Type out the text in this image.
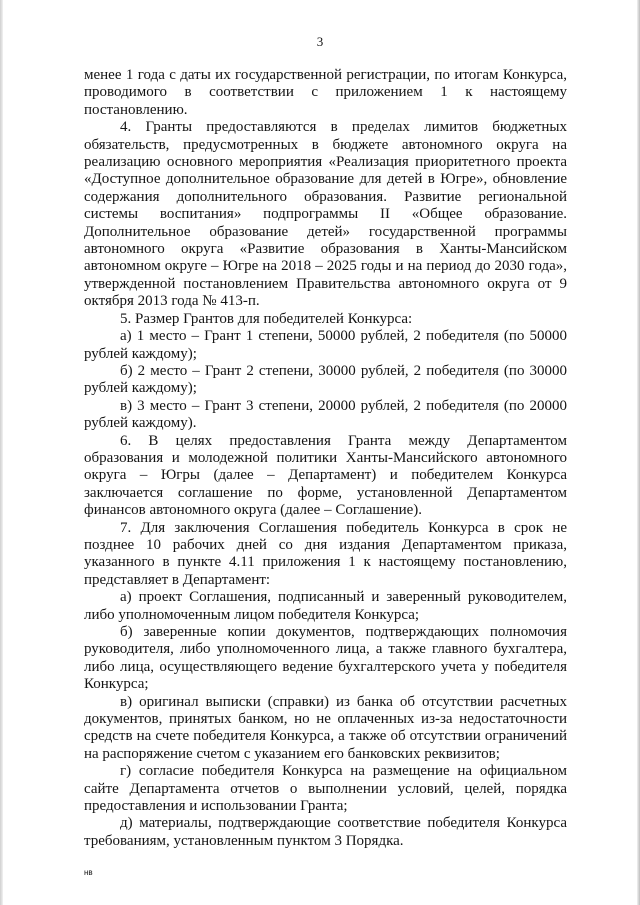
3

менее 1 года с даты их государственной регистрации, по итогам Конкурса, проводимого в соответствии с приложением 1 к настоящему постановлению.

4. Гранты предоставляются в пределах лимитов бюджетных обязательств, предусмотренных в бюджете автономного округа на реализацию основного мероприятия «Реализация приоритетного проекта «Доступное дополнительное образование для детей в Югре», обновление содержания дополнительного образования. Развитие региональной системы воспитания» подпрограммы II «Общее образование. Дополнительное образование детей» государственной программы автономного округа «Развитие образования в Ханты-Мансийском автономном округе – Югре на 2018 – 2025 годы и на период до 2030 года», утвержденной постановлением Правительства автономного округа от 9 октября 2013 года № 413-п.

5. Размер Грантов для победителей Конкурса:

а) 1 место – Грант 1 степени, 50000 рублей, 2 победителя (по 50000 рублей каждому);

б) 2 место – Грант 2 степени, 30000 рублей, 2 победителя (по 30000 рублей каждому);

в) 3 место – Грант 3 степени, 20000 рублей, 2 победителя (по 20000 рублей каждому).

6. В целях предоставления Гранта между Департаментом образования и молодежной политики Ханты-Мансийского автономного округа – Югры (далее – Департамент) и победителем Конкурса заключается соглашение по форме, установленной Департаментом финансов автономного округа (далее – Соглашение).

7. Для заключения Соглашения победитель Конкурса в срок не позднее 10 рабочих дней со дня издания Департаментом приказа, указанного в пункте 4.11 приложения 1 к настоящему постановлению, представляет в Департамент:

а) проект Соглашения, подписанный и заверенный руководителем, либо уполномоченным лицом победителя Конкурса;

б) заверенные копии документов, подтверждающих полномочия руководителя, либо уполномоченного лица, а также главного бухгалтера, либо лица, осуществляющего ведение бухгалтерского учета у победителя Конкурса;

в) оригинал выписки (справки) из банка об отсутствии расчетных документов, принятых банком, но не оплаченных из-за недостаточности средств на счете победителя Конкурса, а также об отсутствии ограничений на распоряжение счетом с указанием его банковских реквизитов;

г) согласие победителя Конкурса на размещение на официальном сайте Департамента отчетов о выполнении условий, целей, порядка предоставления и использовании Гранта;

д) материалы, подтверждающие соответствие победителя Конкурса требованиям, установленным пунктом 3 Порядка.

нв
